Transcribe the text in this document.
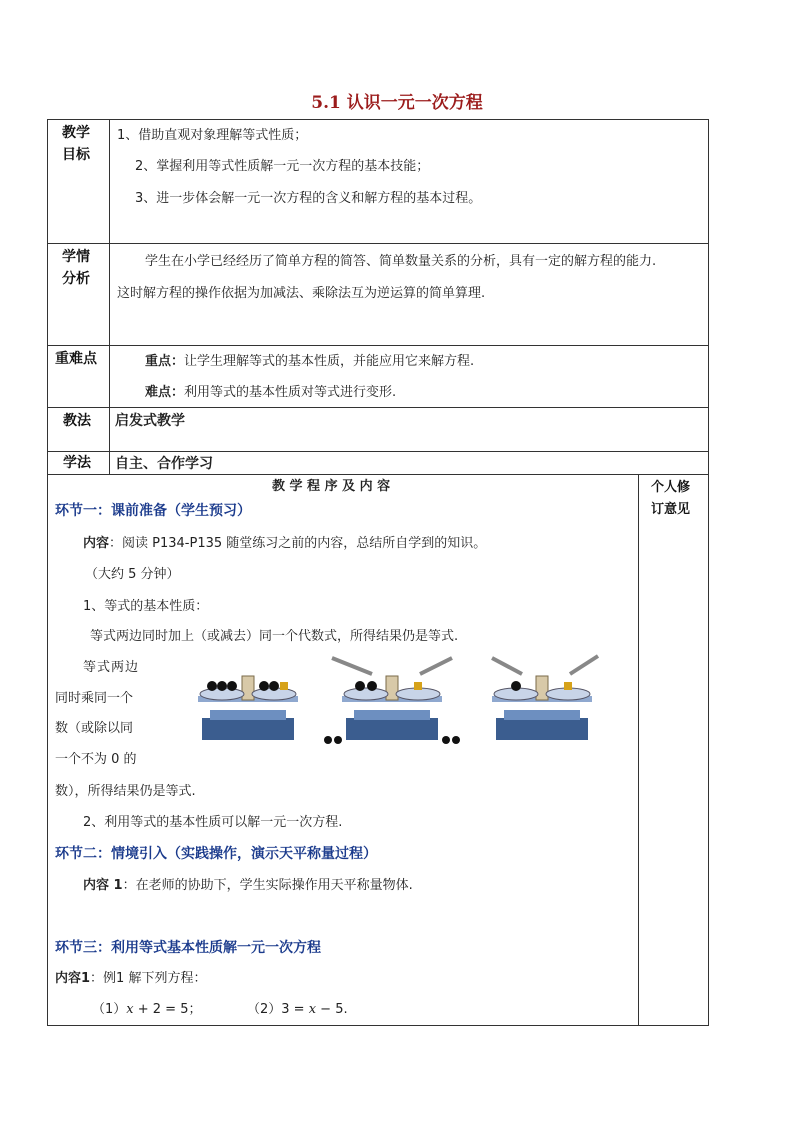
5.1 认识一元一次方程
教学
目标
学情
分析
重难点
教法
学法
1、借助直观对象理解等式性质；
2、掌握利用等式性质解一元一次方程的基本技能；
3、进一步体会解一元一次方程的含义和解方程的基本过程。
学生在小学已经经历了简单方程的简答、简单数量关系的分析，具有一定的解方程的能力.
这时解方程的操作依据为加减法、乘除法互为逆运算的简单算理.
重点：让学生理解等式的基本性质，并能应用它来解方程.
难点：利用等式的基本性质对等式进行变形.
启发式教学
自主、合作学习
教 学 程 序 及 内 容	个人修
订意见
环节一：课前准备（学生预习）
内容：阅读 P134-P135 随堂练习之前的内容，总结所自学到的知识。
（大约 5 分钟）
1、等式的基本性质：
等式两边同时加上（或减去）同一个代数式，所得结果仍是等式.
等式两边
同时乘同一个
数（或除以同
一个不为 0 的
数），所得结果仍是等式.
2、利用等式的基本性质可以解一元一次方程.
环节二：情境引入（实践操作，演示天平称量过程）
内容 1：在老师的协助下，学生实际操作用天平称量物体.
环节三：利用等式基本性质解一元一次方程
内容1：例1 解下列方程：
（1）x + 2 = 5；	（2）3 = x − 5.
